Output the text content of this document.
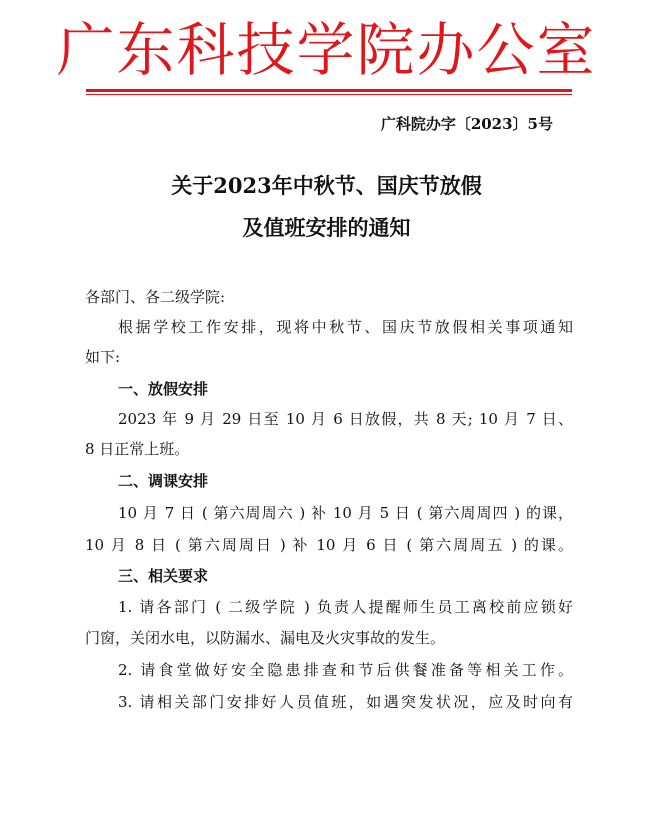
广东科技学院办公室
广科院办字〔2023〕5号
关于2023年中秋节、国庆节放假
及值班安排的通知
各部门、各二级学院:
根据学校工作安排，现将中秋节、国庆节放假相关事项通知
如下:
一、放假安排
2023 年 9 月 29 日至 10 月 6 日放假，共 8 天; 10 月 7 日、
8 日正常上班。
二、调课安排
10 月 7 日 ( 第六周周六 ) 补 10 月 5 日 ( 第六周周四 ) 的课，
10 月 8 日 ( 第六周周日 ) 补 10 月 6 日 ( 第六周周五 ) 的课。
三、相关要求
1. 请各部门 ( 二级学院 ) 负责人提醒师生员工离校前应锁好
门窗，关闭水电，以防漏水、漏电及火灾事故的发生。
2. 请食堂做好安全隐患排查和节后供餐准备等相关工作。
3. 请相关部门安排好人员值班，如遇突发状况，应及时向有
